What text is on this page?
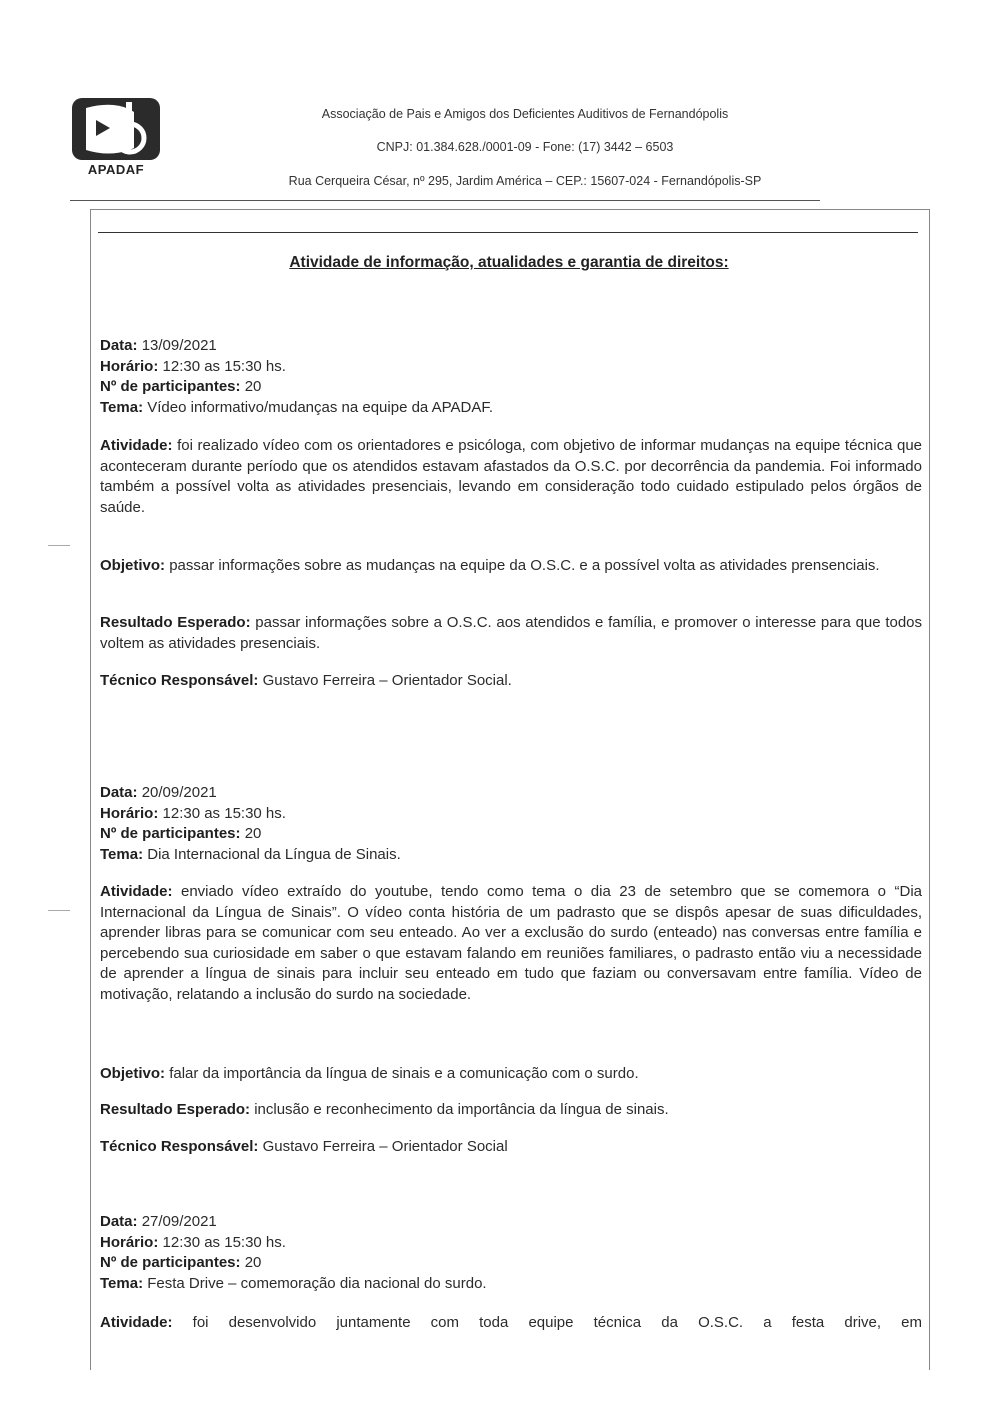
APADAF
Associação de Pais e Amigos dos Deficientes Auditivos de Fernandópolis
CNPJ: 01.384.628./0001-09 - Fone: (17) 3442 – 6503
Rua Cerqueira César, nº 295, Jardim América – CEP.: 15607-024 - Fernandópolis-SP
Atividade de informação, atualidades e garantia de direitos:

Data: 13/09/2021

Horário: 12:30 as 15:30 hs.

Nº de participantes: 20

Tema: Vídeo informativo/mudanças na equipe da APADAF.

Atividade: foi realizado vídeo com os orientadores e psicóloga, com objetivo de informar mudanças na equipe técnica que aconteceram durante período que os atendidos estavam afastados da O.S.C. por decorrência da pandemia. Foi informado também a possível volta as atividades presenciais, levando em consideração todo cuidado estipulado pelos órgãos de saúde.

Objetivo: passar informações sobre as mudanças na equipe da O.S.C. e a possível volta as atividades prensenciais.

Resultado Esperado: passar informações sobre a O.S.C. aos atendidos e família, e promover o interesse para que todos voltem as atividades presenciais.

Técnico Responsável: Gustavo Ferreira – Orientador Social.

Data: 20/09/2021

Horário: 12:30 as 15:30 hs.

Nº de participantes: 20

Tema: Dia Internacional da Língua de Sinais.

Atividade: enviado vídeo extraído do youtube, tendo como tema o dia 23 de setembro que se comemora o “Dia Internacional da Língua de Sinais”. O vídeo conta história de um padrasto que se dispôs apesar de suas dificuldades, aprender libras para se comunicar com seu enteado. Ao ver a exclusão do surdo (enteado) nas conversas entre família e percebendo sua curiosidade em saber o que estavam falando em reuniões familiares, o padrasto então viu a necessidade de aprender a língua de sinais para incluir seu enteado em tudo que faziam ou conversavam entre família. Vídeo de motivação, relatando a inclusão do surdo na sociedade.

Objetivo: falar da importância da língua de sinais e a comunicação com o surdo.

Resultado Esperado: inclusão e reconhecimento da importância da língua de sinais.

Técnico Responsável: Gustavo Ferreira – Orientador Social

Data: 27/09/2021

Horário: 12:30 as 15:30 hs.

Nº de participantes: 20

Tema: Festa Drive – comemoração dia nacional do surdo.

Atividade: foi desenvolvido juntamente com toda equipe técnica da O.S.C. a festa drive, em
